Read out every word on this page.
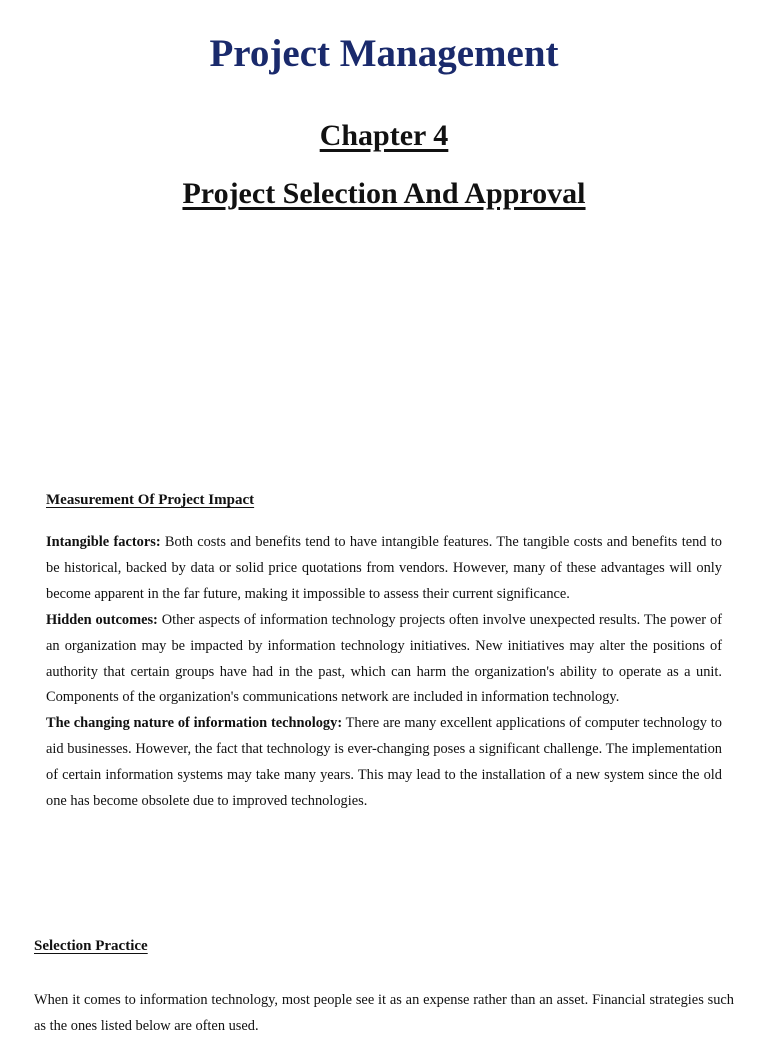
Project Management
Chapter 4
Project Selection And Approval
Measurement Of Project Impact

Intangible factors: Both costs and benefits tend to have intangible features. The tangible costs and benefits tend to be historical, backed by data or solid price quotations from vendors. However, many of these advantages will only become apparent in the far future, making it impossible to assess their current significance.

Hidden outcomes: Other aspects of information technology projects often involve unexpected results. The power of an organization may be impacted by information technology initiatives. New initiatives may alter the positions of authority that certain groups have had in the past, which can harm the organization's ability to operate as a unit. Components of the organization's communications network are included in information technology.

The changing nature of information technology: There are many excellent applications of computer technology to aid businesses. However, the fact that technology is ever-changing poses a significant challenge. The implementation of certain information systems may take many years. This may lead to the installation of a new system since the old one has become obsolete due to improved technologies.

Selection Practice

When it comes to information technology, most people see it as an expense rather than an asset. Financial strategies such as the ones listed below are often used.
